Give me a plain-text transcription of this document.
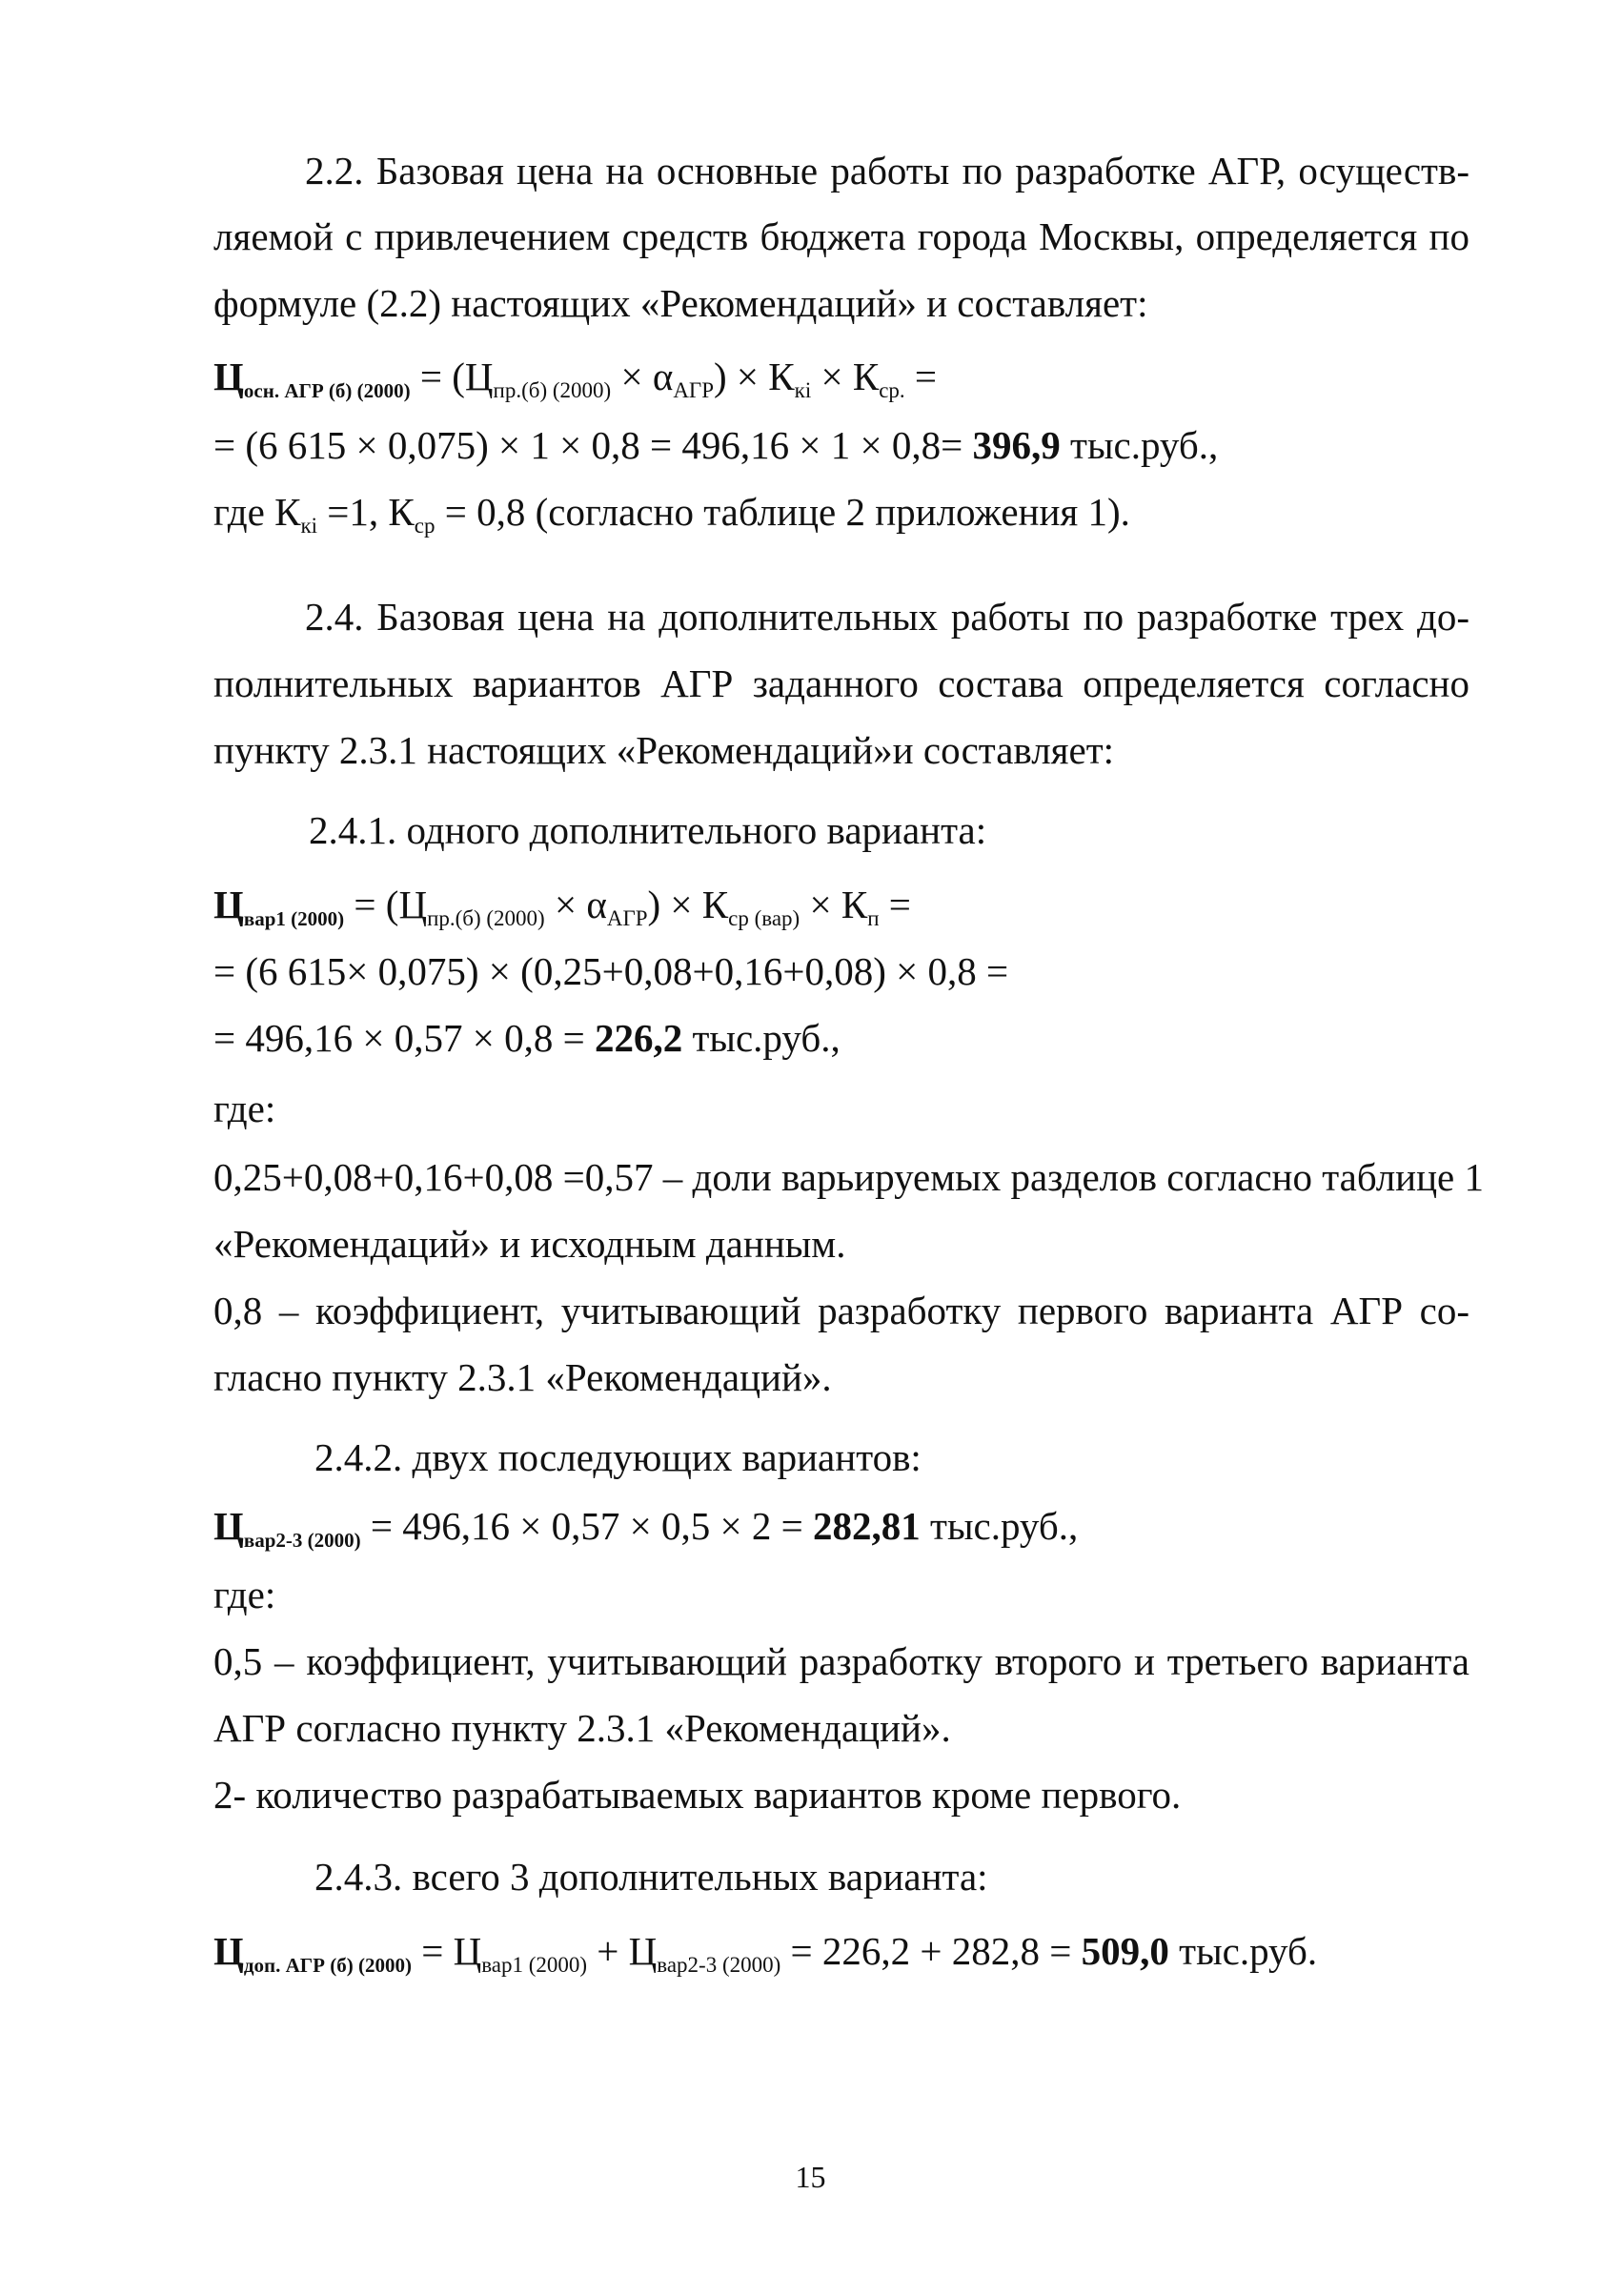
2.2. Базовая цена на основные работы по разработке АГР, осуществ-
ляемой с привлечением средств бюджета города Москвы, определяется по
формуле (2.2) настоящих «Рекомендаций» и составляет:
$Ц_{осн. АГР (б) (2000)} = (Ц_{пр.(б) (2000)} \times \alpha_{АГР}) \times К_{кi} \times К_{ср.}$ =
= (6 615 × 0,075) × 1 × 0,8 = 496,16 × 1 × 0,8= 396,9 тыс.руб.,
где $К_{кi} =1$, $К_{ср} = 0,8$ (согласно таблице 2 приложения 1).
2.4. Базовая цена на дополнительных работы по разработке трех до-
полнительных вариантов АГР заданного состава определяется согласно
пункту 2.3.1 настоящих «Рекомендаций»и составляет:
2.4.1. одного дополнительного варианта:
$Ц_{вар1 (2000)} = (Ц_{пр.(б) (2000)} \times \alpha_{АГР}) \times К_{ср (вар)} \times К_п$ =
= (6 615× 0,075) × (0,25+0,08+0,16+0,08) × 0,8 =
= 496,16 × 0,57 × 0,8 = 226,2 тыс.руб.,
где:
0,25+0,08+0,16+0,08 =0,57 – доли варьируемых разделов согласно таблице 1
«Рекомендаций» и исходным данным.
0,8 – коэффициент, учитывающий разработку первого варианта АГР со-
гласно пункту 2.3.1 «Рекомендаций».
2.4.2. двух последующих вариантов:
$Ц_{вар2-3 (2000)} = 496,16 \times 0,57 \times 0,5 \times 2 = 282,81$ тыс.руб.,
где:
0,5 – коэффициент, учитывающий разработку второго и третьего варианта
АГР согласно пункту 2.3.1 «Рекомендаций».
2- количество разрабатываемых вариантов кроме первого.
2.4.3. всего 3 дополнительных варианта:
$Ц_{доп. АГР (б) (2000)} = Ц_{вар1 (2000)} + Ц_{вар2-3 (2000)} = 226,2 + 282,8 = 509,0$ тыс.руб.
15
